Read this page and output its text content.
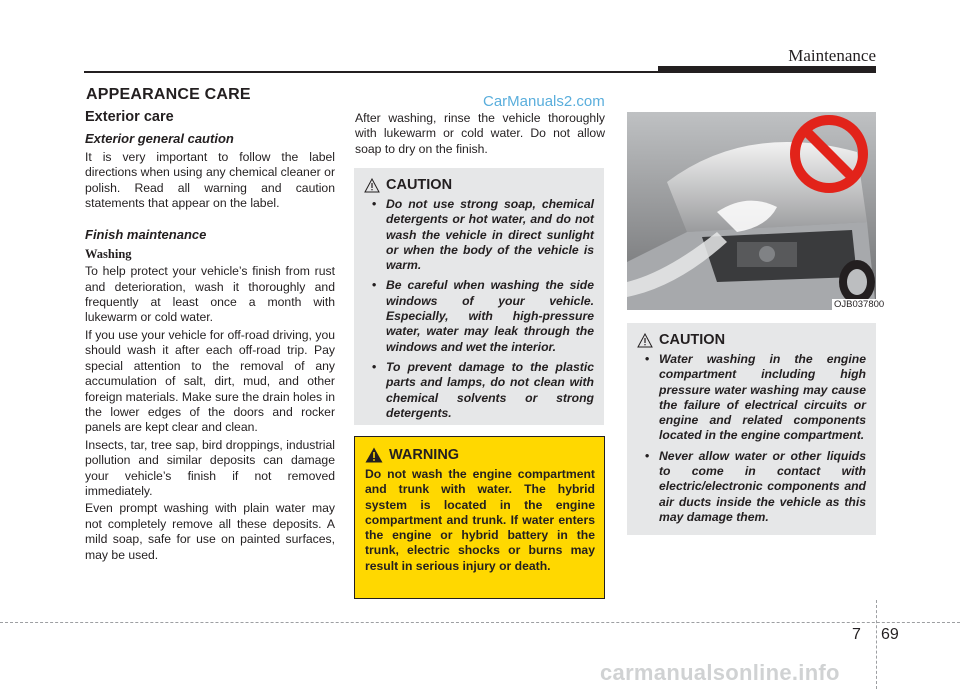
Maintenance
APPEARANCE CARE	CarManuals2.com
Exterior care
Exterior general caution

It is very important to follow the label directions when using any chemical cleaner or polish. Read all warning and caution statements that appear on the label.

Finish maintenance
Washing

To help protect your vehicle’s finish from rust and deterioration, wash it thoroughly and frequently at least once a month with lukewarm or cold water.

If you use your vehicle for off-road driving, you should wash it after each off-road trip. Pay special attention to the removal of any accumulation of salt, dirt, mud, and other foreign materials. Make sure the drain holes in the lower edges of the doors and rocker panels are kept clear and clean.

Insects, tar, tree sap, bird droppings, industrial pollution and similar deposits can damage your vehicle’s finish if not removed immediately.

Even prompt washing with plain water may not completely remove all these deposits. A mild soap, safe for use on painted surfaces, may be used.

After washing, rinse the vehicle thoroughly with lukewarm or cold water. Do not allow soap to dry on the finish.

CAUTION
• Do not use strong soap, chemical detergents or hot water, and do not wash the vehicle in direct sunlight or when the body of the vehicle is warm.
• Be careful when washing the side windows of your vehicle. Especially, with high-pressure water, water may leak through the windows and wet the interior.
• To prevent damage to the plastic parts and lamps, do not clean with chemical solvents or strong detergents.
WARNING

Do not wash the engine compartment and trunk with water. The hybrid system is located in the engine compartment and trunk. If water enters the engine or hybrid battery in the trunk, electric shocks or burns may result in serious injury or death.

OJB037800
CAUTION
• Water washing in the engine compartment including high pressure water washing may cause the failure of electrical circuits or engine and related components located in the engine compartment.
• Never allow water or other liquids to come in contact with electric/electronic components and air ducts inside the vehicle as this may damage them.
7 69
carmanualsonline.info
